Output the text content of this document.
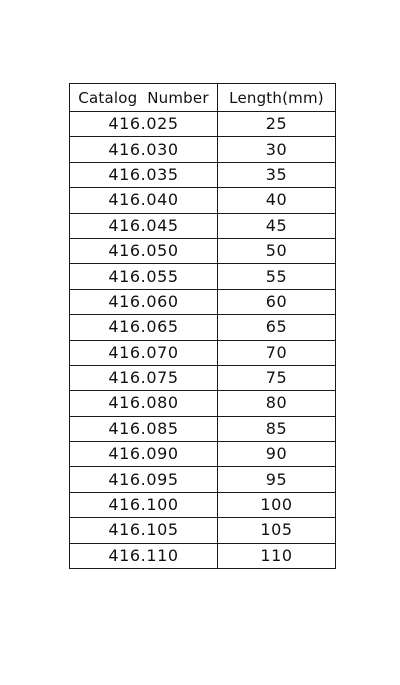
Catalog  Number	Length(mm)
416.025	25
416.030	30
416.035	35
416.040	40
416.045	45
416.050	50
416.055	55
416.060	60
416.065	65
416.070	70
416.075	75
416.080	80
416.085	85
416.090	90
416.095	95
416.100	100
416.105	105
416.110	110
